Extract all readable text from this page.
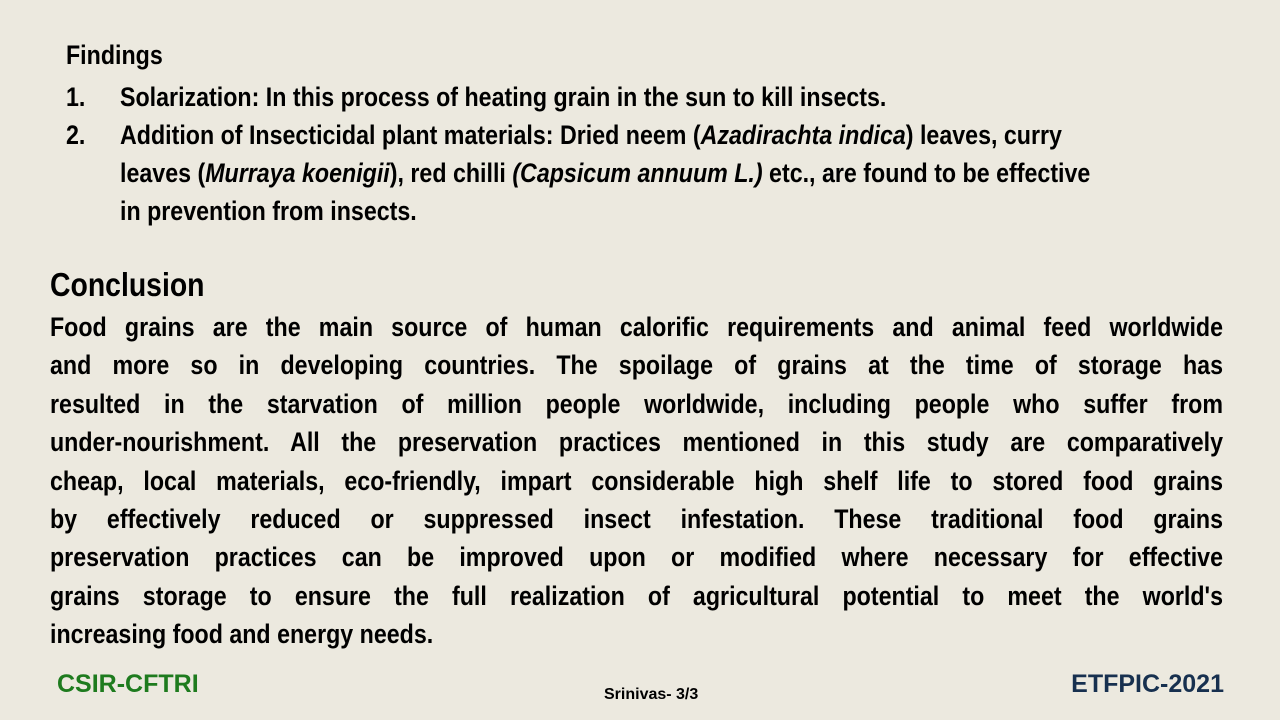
Findings
1. Solarization: In this process of heating grain in the sun to kill insects.
2. Addition of Insecticidal plant materials: Dried neem (Azadirachta indica) leaves, curry
leaves (Murraya koenigii), red chilli (Capsicum annuum L.) etc., are found to be effective
in prevention from insects.
Conclusion
Food grains are the main source of human calorific requirements and animal feed worldwide
and more so in developing countries. The spoilage of grains at the time of storage has
resulted in the starvation of million people worldwide, including people who suffer from
under-nourishment. All the preservation practices mentioned in this study are comparatively
cheap, local materials, eco-friendly, impart considerable high shelf life to stored food grains
by effectively reduced or suppressed insect infestation. These traditional food grains
preservation practices can be improved upon or modified where necessary for effective
grains storage to ensure the full realization of agricultural potential to meet the world's
increasing food and energy needs.
CSIR-CFTRI	Srinivas- 3/3	ETFPIC-2021
